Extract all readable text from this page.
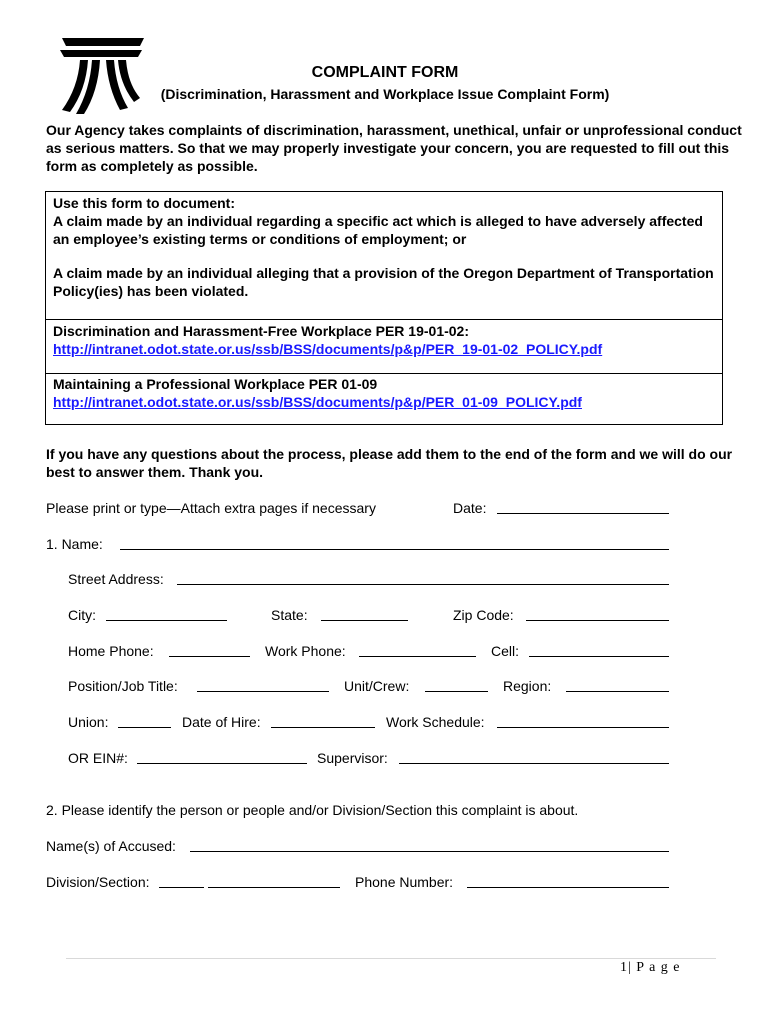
COMPLAINT FORM
(Discrimination, Harassment and Workplace Issue Complaint Form)
Our Agency takes complaints of discrimination, harassment, unethical, unfair or unprofessional conduct as serious matters. So that we may properly investigate your concern, you are requested to fill out this form as completely as possible.
Use this form to document:
A claim made by an individual regarding a specific act which is alleged to have adversely affected an employee’s existing terms or conditions of employment; or
A claim made by an individual alleging that a provision of the Oregon Department of Transportation Policy(ies) has been violated.
Discrimination and Harassment-Free Workplace PER 19-01-02:
http://intranet.odot.state.or.us/ssb/BSS/documents/p&p/PER_19-01-02_POLICY.pdf
Maintaining a Professional Workplace PER 01-09
http://intranet.odot.state.or.us/ssb/BSS/documents/p&p/PER_01-09_POLICY.pdf
If you have any questions about the process, please add them to the end of the form and we will do our best to answer them. Thank you.
Please print or type—Attach extra pages if necessary	Date:
1. Name:
Street Address:
City:	State:	Zip Code:
Home Phone:	Work Phone:	Cell:
Position/Job Title:	Unit/Crew:	Region:
Union:	Date of Hire:	Work Schedule:
OR EIN#:	Supervisor:
2. Please identify the person or people and/or Division/Section this complaint is about.
Name(s) of Accused:
Division/Section:	Phone Number:
1| P a g e
